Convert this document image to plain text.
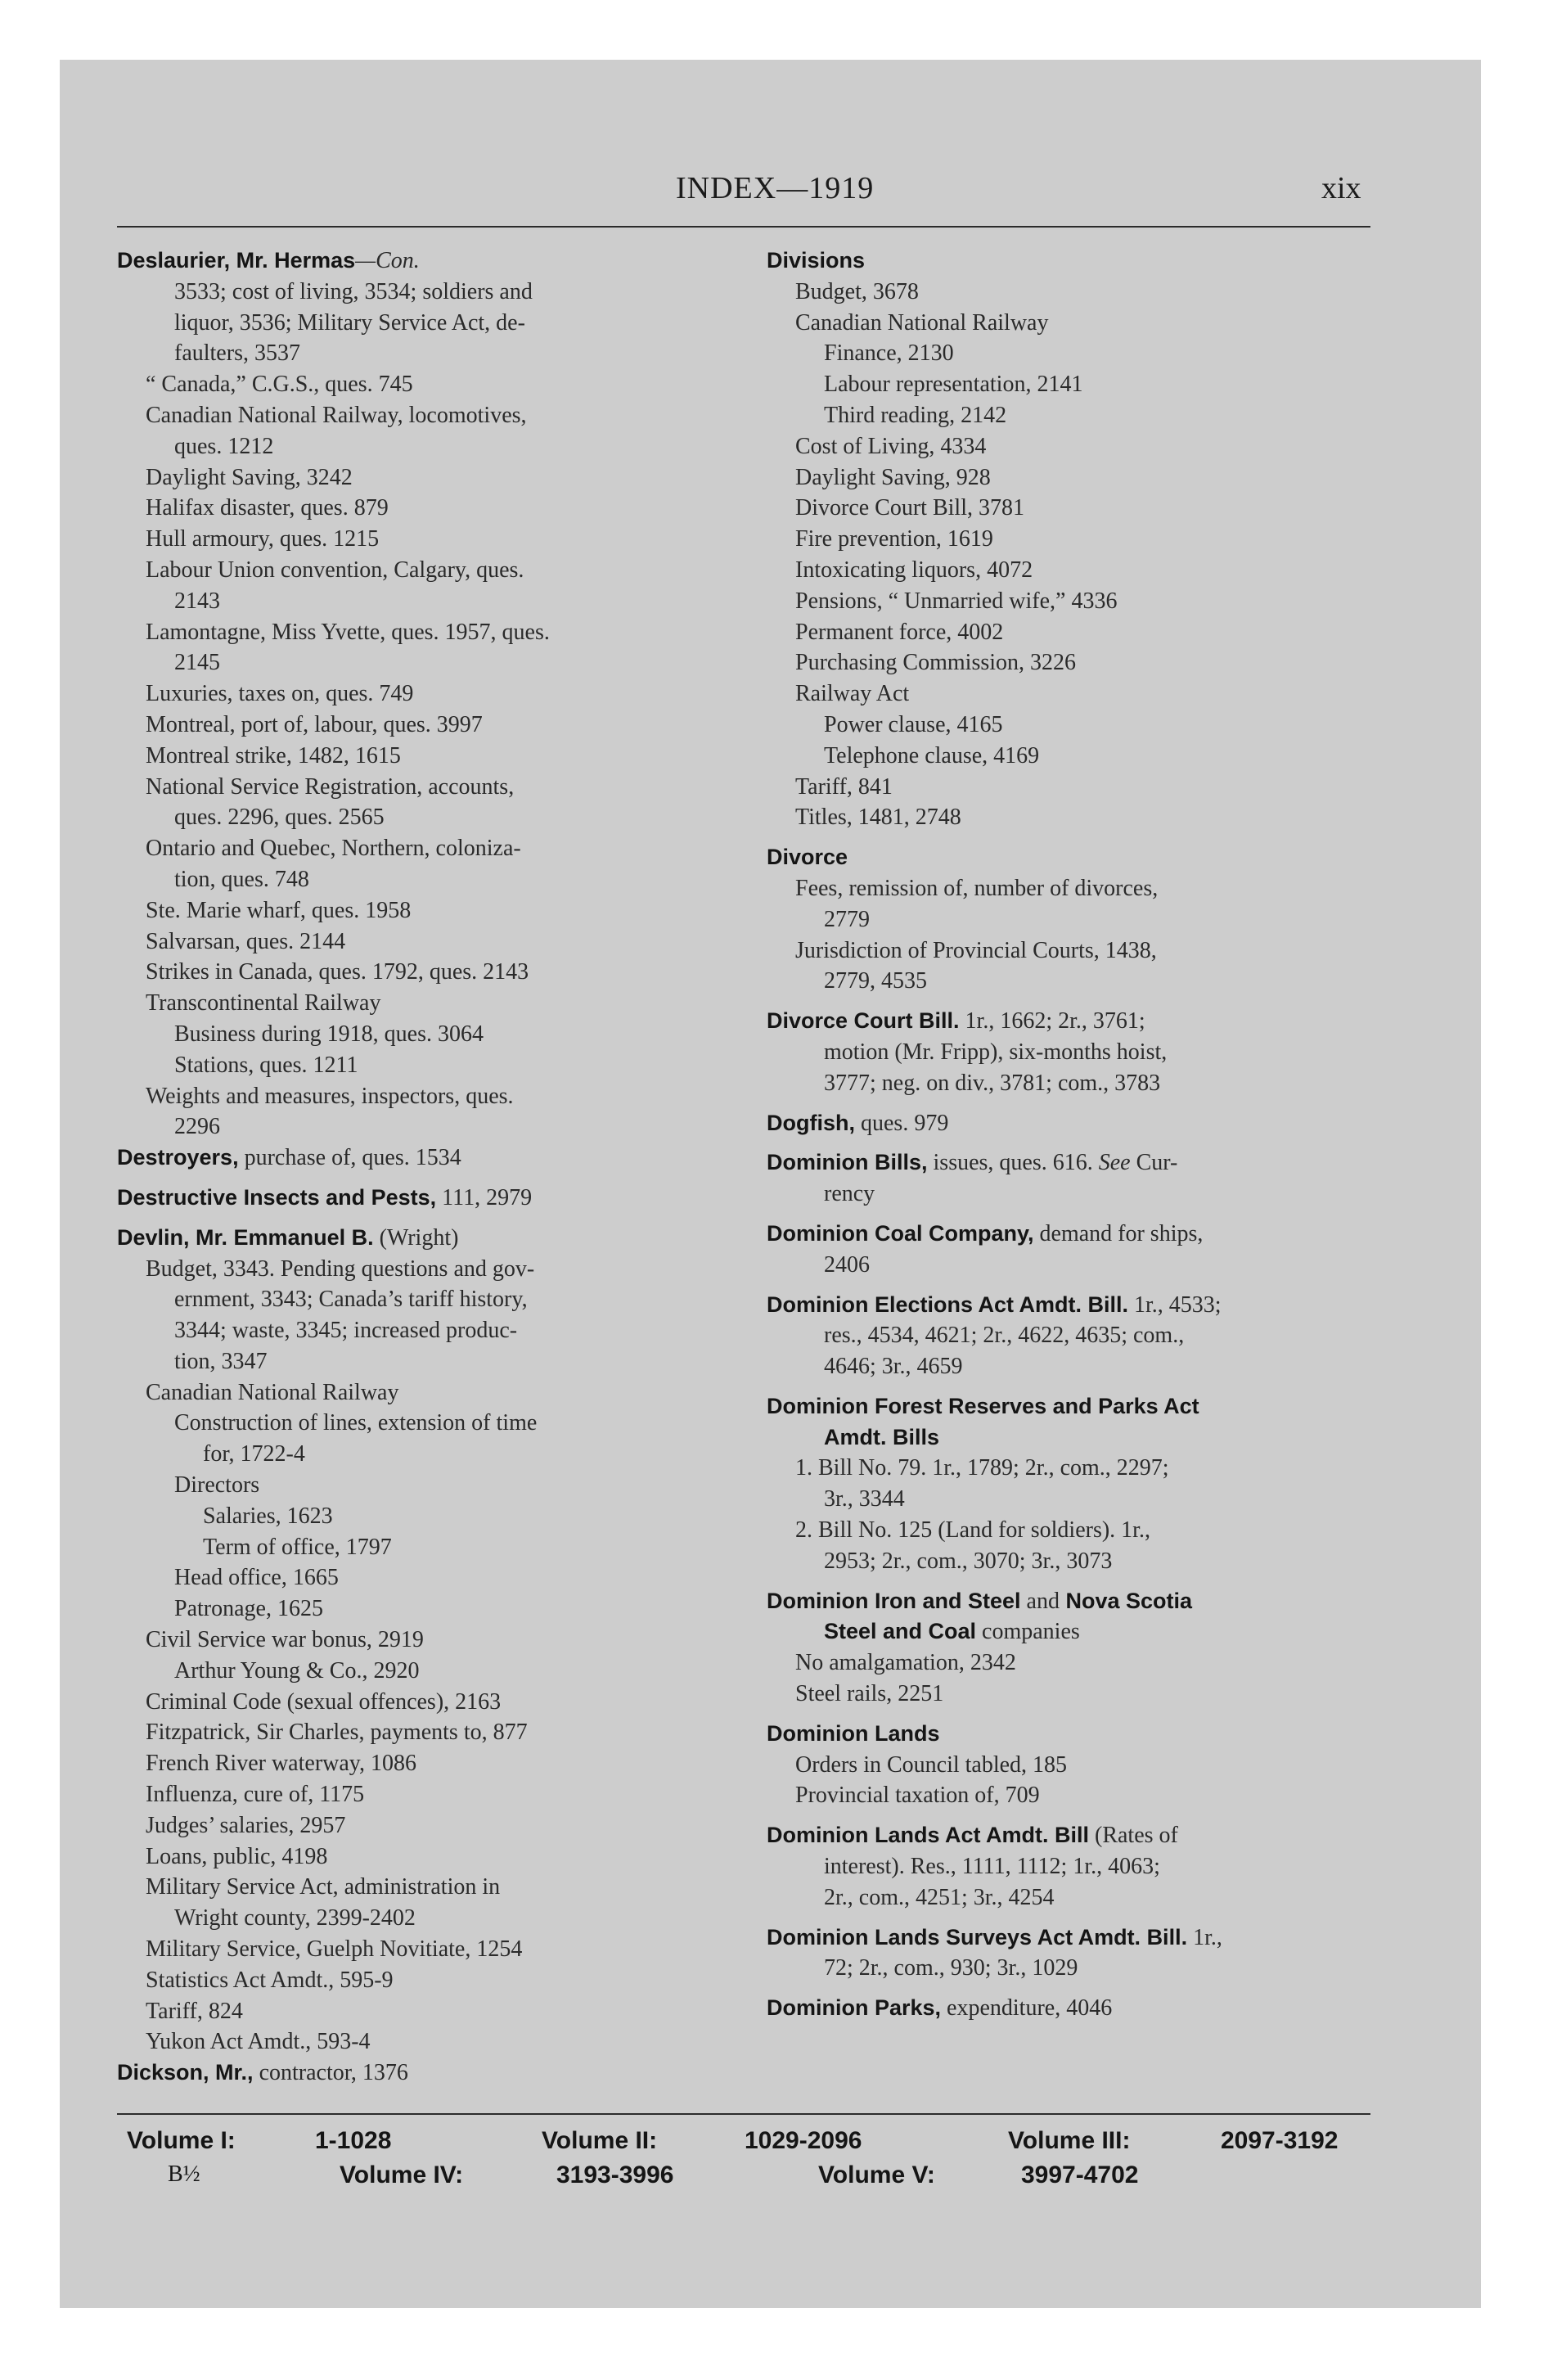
INDEX—1919	xix
Deslaurier, Mr. Hermas—Con.
3533; cost of living, 3534; soldiers and
liquor, 3536; Military Service Act, de-
faulters, 3537
“ Canada,” C.G.S., ques. 745
Canadian National Railway, locomotives,
ques. 1212
Daylight Saving, 3242
Halifax disaster, ques. 879
Hull armoury, ques. 1215
Labour Union convention, Calgary, ques.
2143
Lamontagne, Miss Yvette, ques. 1957, ques.
2145
Luxuries, taxes on, ques. 749
Montreal, port of, labour, ques. 3997
Montreal strike, 1482, 1615
National Service Registration, accounts,
ques. 2296, ques. 2565
Ontario and Quebec, Northern, coloniza-
tion, ques. 748
Ste. Marie wharf, ques. 1958
Salvarsan, ques. 2144
Strikes in Canada, ques. 1792, ques. 2143
Transcontinental Railway
Business during 1918, ques. 3064
Stations, ques. 1211
Weights and measures, inspectors, ques.
2296
Destroyers, purchase of, ques. 1534
Destructive Insects and Pests, 111, 2979
Devlin, Mr. Emmanuel B. (Wright)
Budget, 3343. Pending questions and gov-
ernment, 3343; Canada’s tariff history,
3344; waste, 3345; increased produc-
tion, 3347
Canadian National Railway
Construction of lines, extension of time
for, 1722-4
Directors
Salaries, 1623
Term of office, 1797
Head office, 1665
Patronage, 1625
Civil Service war bonus, 2919
Arthur Young & Co., 2920
Criminal Code (sexual offences), 2163
Fitzpatrick, Sir Charles, payments to, 877
French River waterway, 1086
Influenza, cure of, 1175
Judges’ salaries, 2957
Loans, public, 4198
Military Service Act, administration in
Wright county, 2399-2402
Military Service, Guelph Novitiate, 1254
Statistics Act Amdt., 595-9
Tariff, 824
Yukon Act Amdt., 593-4
Dickson, Mr., contractor, 1376
Divisions
Budget, 3678
Canadian National Railway
Finance, 2130
Labour representation, 2141
Third reading, 2142
Cost of Living, 4334
Daylight Saving, 928
Divorce Court Bill, 3781
Fire prevention, 1619
Intoxicating liquors, 4072
Pensions, “ Unmarried wife,” 4336
Permanent force, 4002
Purchasing Commission, 3226
Railway Act
Power clause, 4165
Telephone clause, 4169
Tariff, 841
Titles, 1481, 2748
Divorce
Fees, remission of, number of divorces,
2779
Jurisdiction of Provincial Courts, 1438,
2779, 4535
Divorce Court Bill. 1r., 1662; 2r., 3761;
motion (Mr. Fripp), six-months hoist,
3777; neg. on div., 3781; com., 3783
Dogfish, ques. 979
Dominion Bills, issues, ques. 616. See Cur-
rency
Dominion Coal Company, demand for ships,
2406
Dominion Elections Act Amdt. Bill. 1r., 4533;
res., 4534, 4621; 2r., 4622, 4635; com.,
4646; 3r., 4659
Dominion Forest Reserves and Parks Act
Amdt. Bills
1. Bill No. 79. 1r., 1789; 2r., com., 2297;
3r., 3344
2. Bill No. 125 (Land for soldiers). 1r.,
2953; 2r., com., 3070; 3r., 3073
Dominion Iron and Steel and Nova Scotia
Steel and Coal companies
No amalgamation, 2342
Steel rails, 2251
Dominion Lands
Orders in Council tabled, 185
Provincial taxation of, 709
Dominion Lands Act Amdt. Bill (Rates of
interest). Res., 1111, 1112; 1r., 4063;
2r., com., 4251; 3r., 4254
Dominion Lands Surveys Act Amdt. Bill. 1r.,
72; 2r., com., 930; 3r., 1029
Dominion Parks, expenditure, 4046
Volume I:	1-1028	Volume II:	1029-2096	Volume III:	2097-3192
B½	Volume IV:	3193-3996	Volume V:	3997-4702
